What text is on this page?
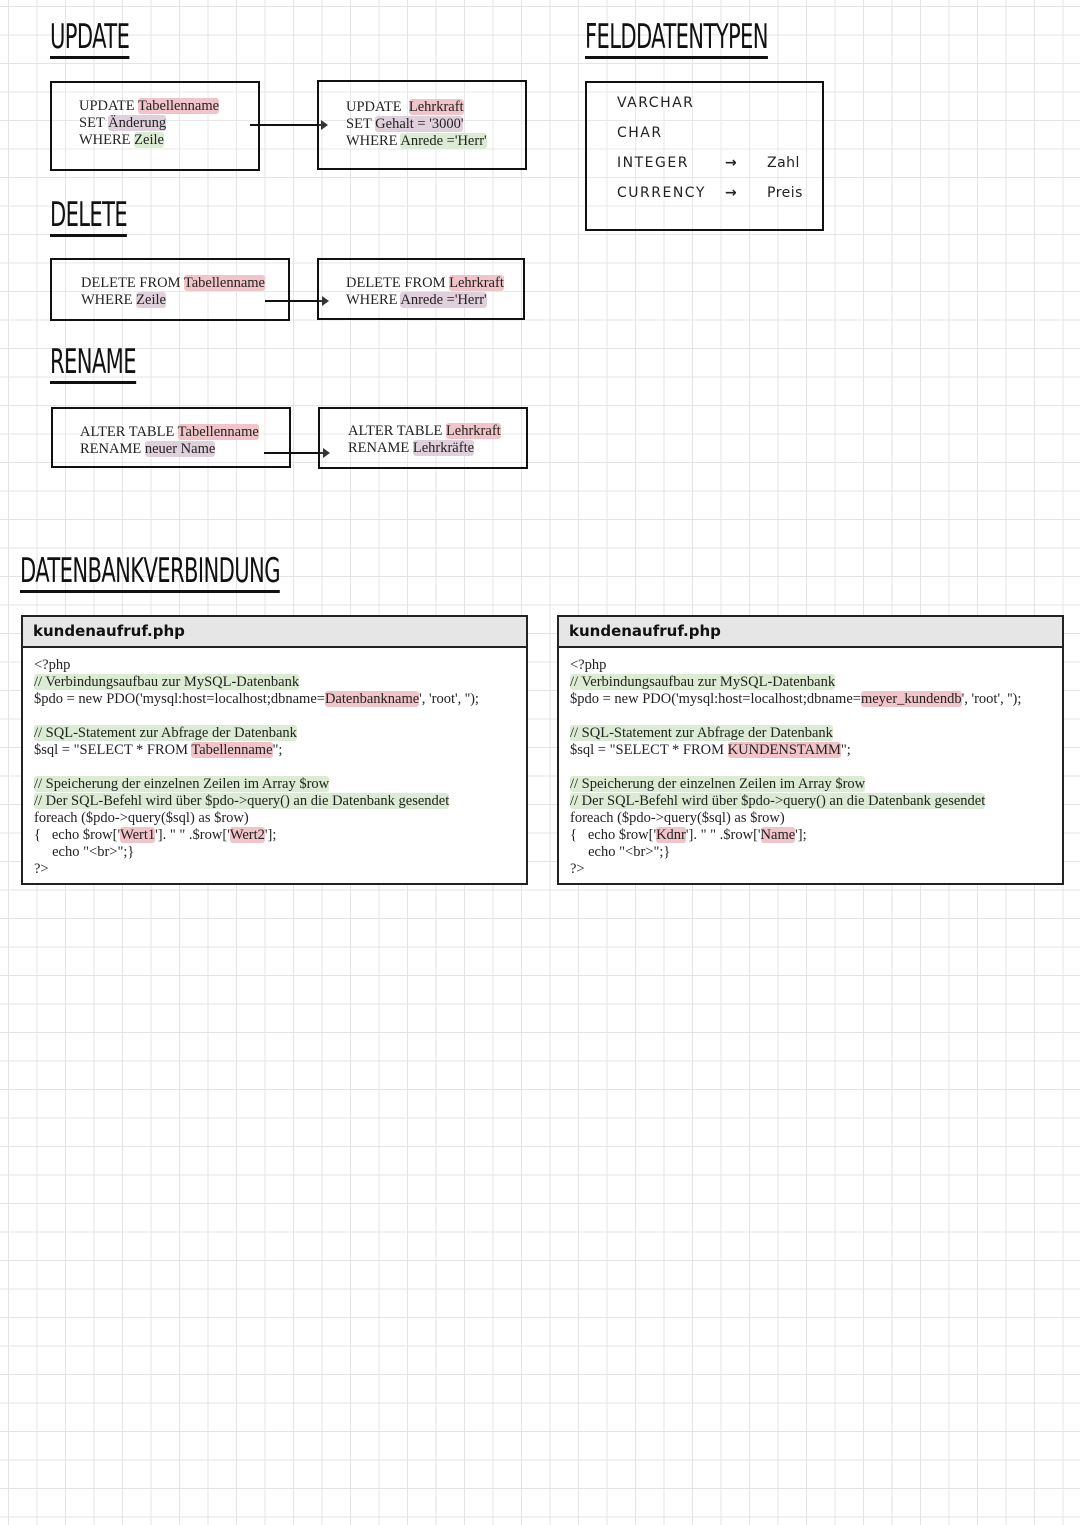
UPDATE
UPDATE Tabellenname
SET Änderung
WHERE Zeile
UPDATE  Lehrkraft
SET Gehalt = '3000'
WHERE Anrede ='Herr'
DELETE
DELETE FROM Tabellenname
WHERE Zeile
DELETE FROM Lehrkraft
WHERE Anrede ='Herr'
RENAME
ALTER TABLE Tabellenname
RENAME neuer Name
ALTER TABLE Lehrkraft
RENAME Lehrkräfte
FELDDATENTYPEN
VARCHAR
CHAR
INTEGER	→ Zahl
CURRENCY → Preis
DATENBANKVERBINDUNG
kundenaufruf.php
<?php
// Verbindungsaufbau zur MySQL-Datenbank
$pdo = new PDO('mysql:host=localhost;dbname=Datenbankname', 'root', '');
// SQL-Statement zur Abfrage der Datenbank
$sql = "SELECT * FROM Tabellenname";
// Speicherung der einzelnen Zeilen im Array $row
// Der SQL-Befehl wird über $pdo->query() an die Datenbank gesendet
foreach ($pdo->query($sql) as $row)
{   echo $row['Wert1']. " " .$row['Wert2'];
echo "<br>";}
?>
kundenaufruf.php
<?php
// Verbindungsaufbau zur MySQL-Datenbank
$pdo = new PDO('mysql:host=localhost;dbname=meyer_kundendb', 'root', '');
// SQL-Statement zur Abfrage der Datenbank
$sql = "SELECT * FROM KUNDENSTAMM";
// Speicherung der einzelnen Zeilen im Array $row
// Der SQL-Befehl wird über $pdo->query() an die Datenbank gesendet
foreach ($pdo->query($sql) as $row)
{   echo $row['Kdnr']. " " .$row['Name'];
echo "<br>";}
?>
